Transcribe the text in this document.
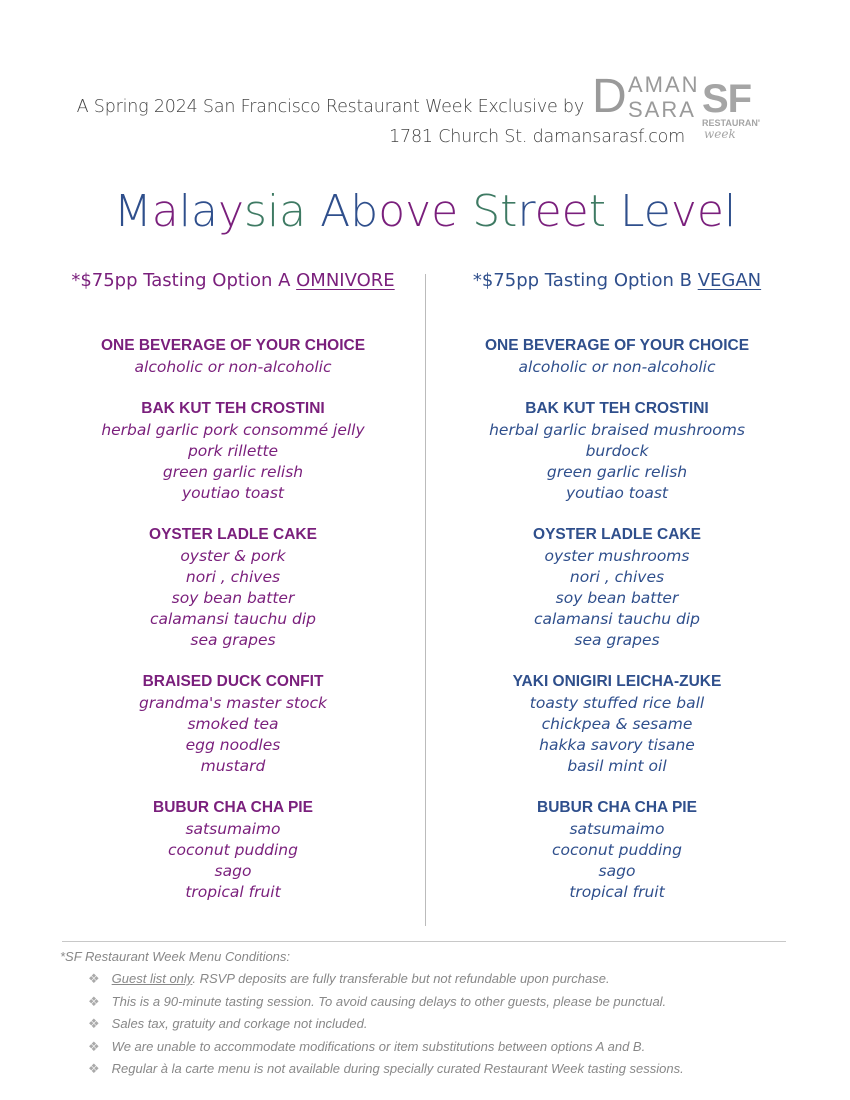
A Spring 2024 San Francisco Restaurant Week Exclusive by
1781 Church St. damansarasf.com
D AMAN
SARA SF
RESTAURAN'
week
Malaysia Above Street Level
*$75pp Tasting Option A OMNIVORE
ONE BEVERAGE OF YOUR CHOICE
alcoholic or non-alcoholic
BAK KUT TEH CROSTINI
herbal garlic pork consommé jelly
pork rillette
green garlic relish
youtiao toast
OYSTER LADLE CAKE
oyster & pork
nori , chives
soy bean batter
calamansi tauchu dip
sea grapes
BRAISED DUCK CONFIT
grandma's master stock
smoked tea
egg noodles
mustard
BUBUR CHA CHA PIE
satsumaimo
coconut pudding
sago
tropical fruit
*$75pp Tasting Option B VEGAN
ONE BEVERAGE OF YOUR CHOICE
alcoholic or non-alcoholic
BAK KUT TEH CROSTINI
herbal garlic braised mushrooms
burdock
green garlic relish
youtiao toast
OYSTER LADLE CAKE
oyster mushrooms
nori , chives
soy bean batter
calamansi tauchu dip
sea grapes
YAKI ONIGIRI LEICHA-ZUKE
toasty stuffed rice ball
chickpea & sesame
hakka savory tisane
basil mint oil
BUBUR CHA CHA PIE
satsumaimo
coconut pudding
sago
tropical fruit
*SF Restaurant Week Menu Conditions:
❖ Guest list only. RSVP deposits are fully transferable but not refundable upon purchase.
❖ This is a 90-minute tasting session. To avoid causing delays to other guests, please be punctual.
❖ Sales tax, gratuity and corkage not included.
❖ We are unable to accommodate modifications or item substitutions between options A and B.
❖ Regular à la carte menu is not available during specially curated Restaurant Week tasting sessions.
